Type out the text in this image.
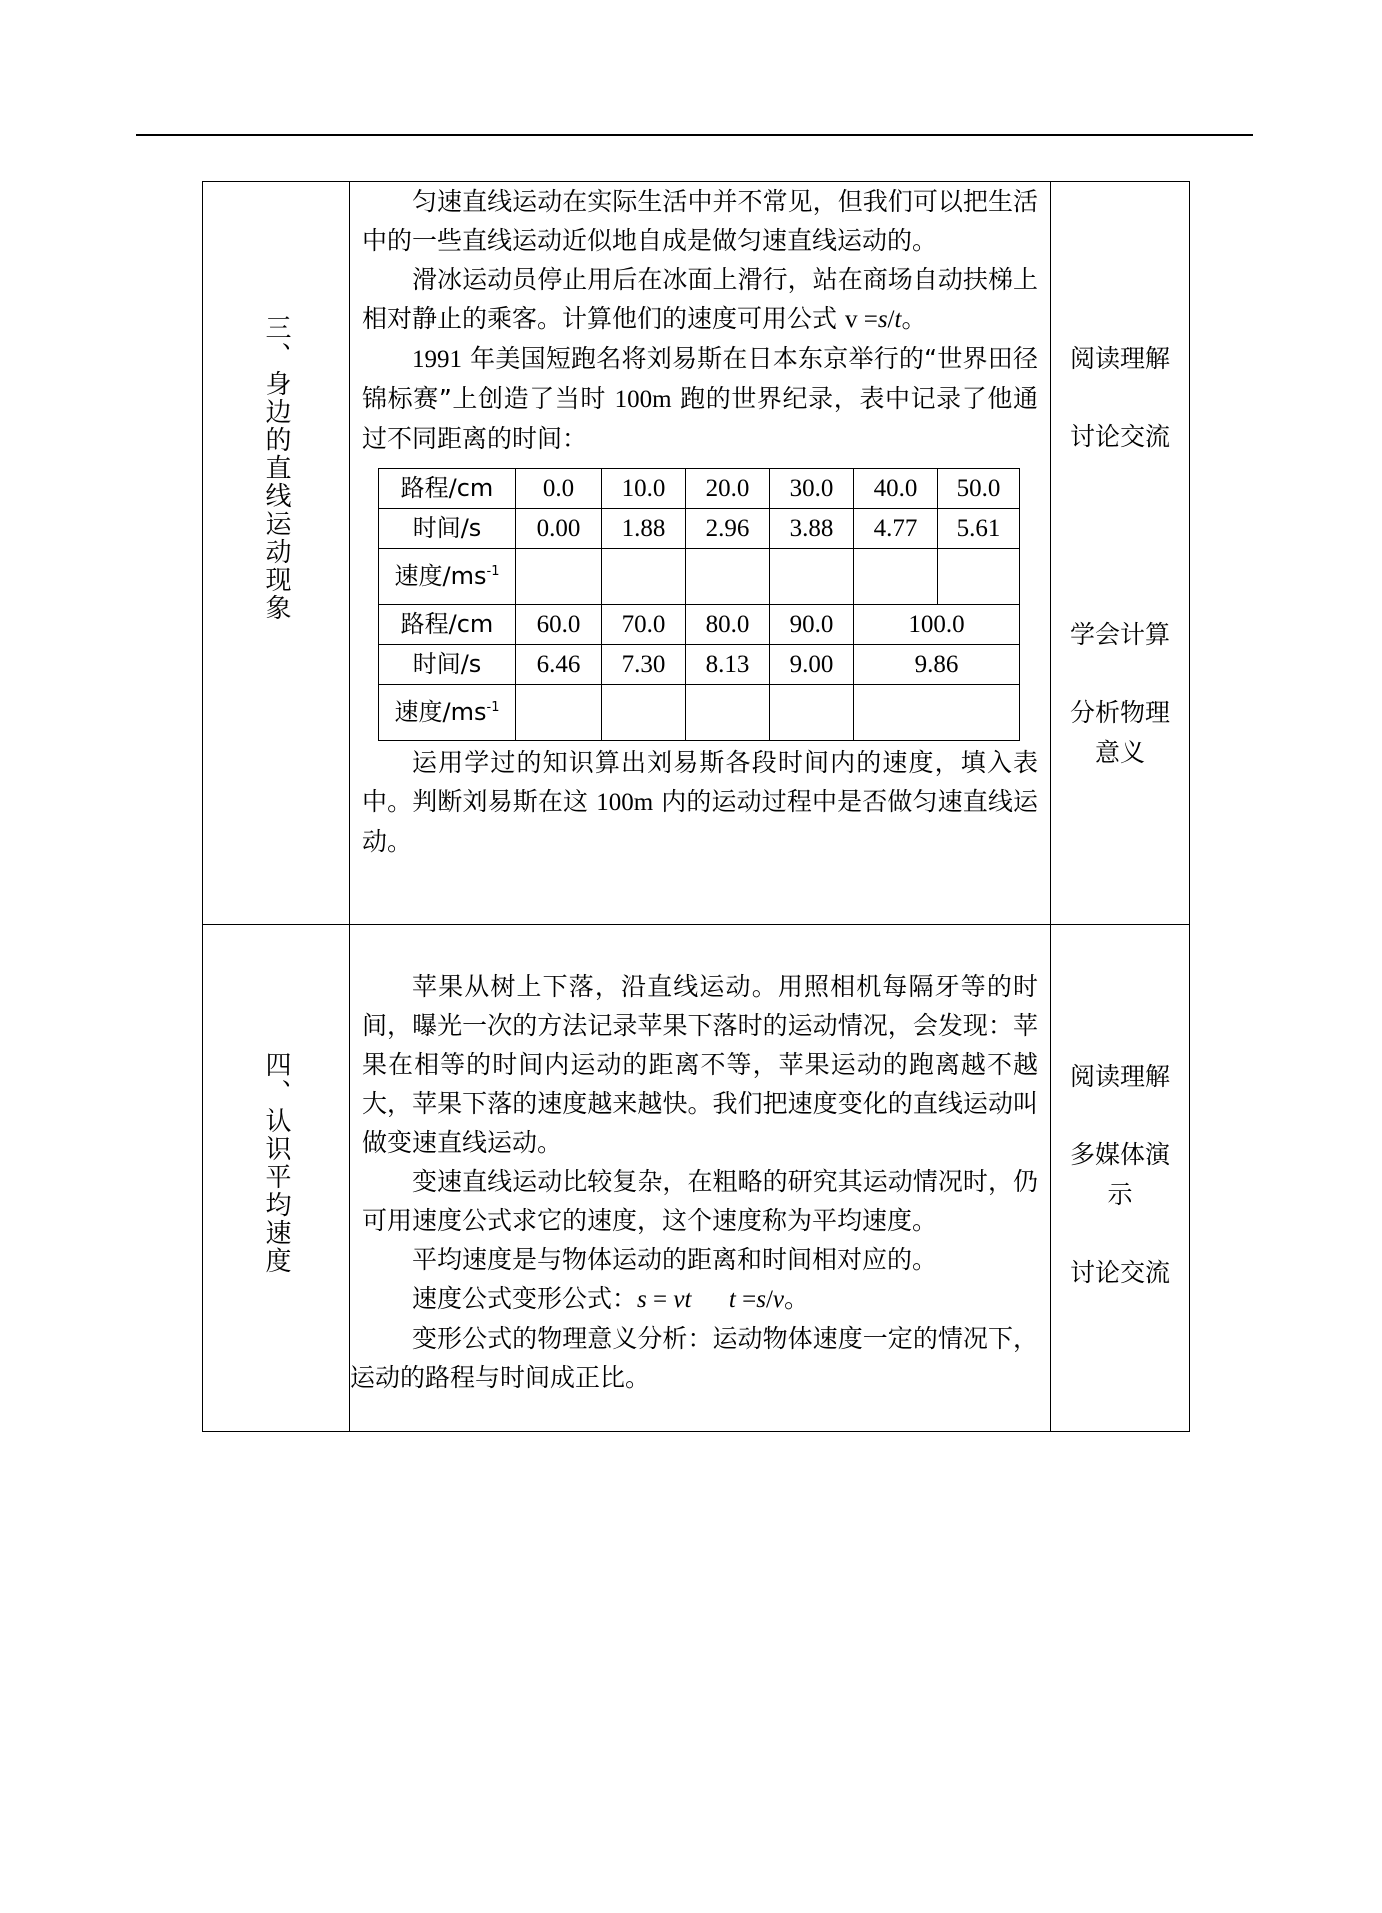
三、身边的直线运动现象

匀速直线运动在实际生活中并不常见，但我们可以把生活中的一些直线运动近似地自成是做匀速直线运动的。

滑冰运动员停止用后在冰面上滑行，站在商场自动扶梯上相对静止的乘客。计算他们的速度可用公式 v =s/t。

1991 年美国短跑名将刘易斯在日本东京举行的“世界田径锦标赛”上创造了当时 100m 跑的世界纪录，表中记录了他通过不同距离的时间：

路程/cm	0.0	10.0	20.0	30.0	40.0	50.0
时间/s	0.00	1.88	2.96	3.88	4.77	5.61
速度$/ms^{-1}$						
路程/cm	60.0	70.0	80.0	90.0	100.0
时间/s	6.46	7.30	8.13	9.00	9.86
速度$/ms^{-1}$					

运用学过的知识算出刘易斯各段时间内的速度，填入表中。判断刘易斯在这 100m 内的运动过程中是否做匀速直线运动。

阅读理解
讨论交流
学会计算
分析物理意义

四、认识平均速度

苹果从树上下落，沿直线运动。用照相机每隔牙等的时间，曝光一次的方法记录苹果下落时的运动情况，会发现：苹果在相等的时间内运动的距离不等，苹果运动的跑离越不越大，苹果下落的速度越来越快。我们把速度变化的直线运动叫做变速直线运动。

变速直线运动比较复杂，在粗略的研究其运动情况时，仍可用速度公式求它的速度，这个速度称为平均速度。

平均速度是与物体运动的距离和时间相对应的。

速度公式变形公式：s = vt t =s/v。

变形公式的物理意义分析：运动物体速度一定的情况下，运动的路程与时间成正比。

阅读理解
多媒体演示
讨论交流
